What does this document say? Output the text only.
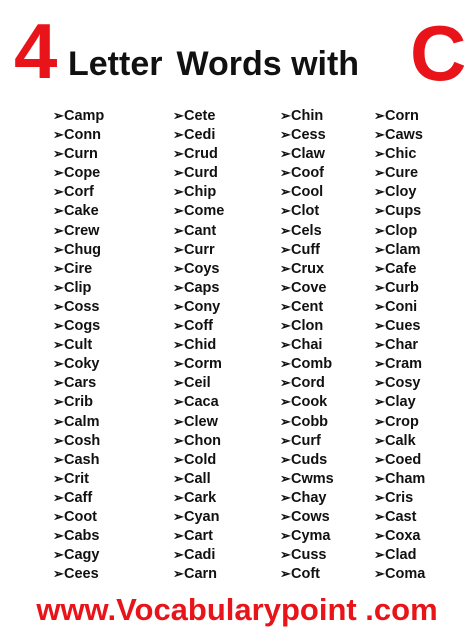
4 Letter Words with C
➢Camp
➢Conn
➢Curn
➢Cope
➢Corf
➢Cake
➢Crew
➢Chug
➢Cire
➢Clip
➢Coss
➢Cogs
➢Cult
➢Coky
➢Cars
➢Crib
➢Calm
➢Cosh
➢Cash
➢Crit
➢Caff
➢Coot
➢Cabs
➢Cagy
➢Cees
➢Cete
➢Cedi
➢Crud
➢Curd
➢Chip
➢Come
➢Cant
➢Curr
➢Coys
➢Caps
➢Cony
➢Coff
➢Chid
➢Corm
➢Ceil
➢Caca
➢Clew
➢Chon
➢Cold
➢Call
➢Cark
➢Cyan
➢Cart
➢Cadi
➢Carn
➢Chin
➢Cess
➢Claw
➢Coof
➢Cool
➢Clot
➢Cels
➢Cuff
➢Crux
➢Cove
➢Cent
➢Clon
➢Chai
➢Comb
➢Cord
➢Cook
➢Cobb
➢Curf
➢Cuds
➢Cwms
➢Chay
➢Cows
➢Cyma
➢Cuss
➢Coft
➢Corn
➢Caws
➢Chic
➢Cure
➢Cloy
➢Cups
➢Clop
➢Clam
➢Cafe
➢Curb
➢Coni
➢Cues
➢Char
➢Cram
➢Cosy
➢Clay
➢Crop
➢Calk
➢Coed
➢Cham
➢Cris
➢Cast
➢Coxa
➢Clad
➢Coma
www.Vocabularypoint .com
